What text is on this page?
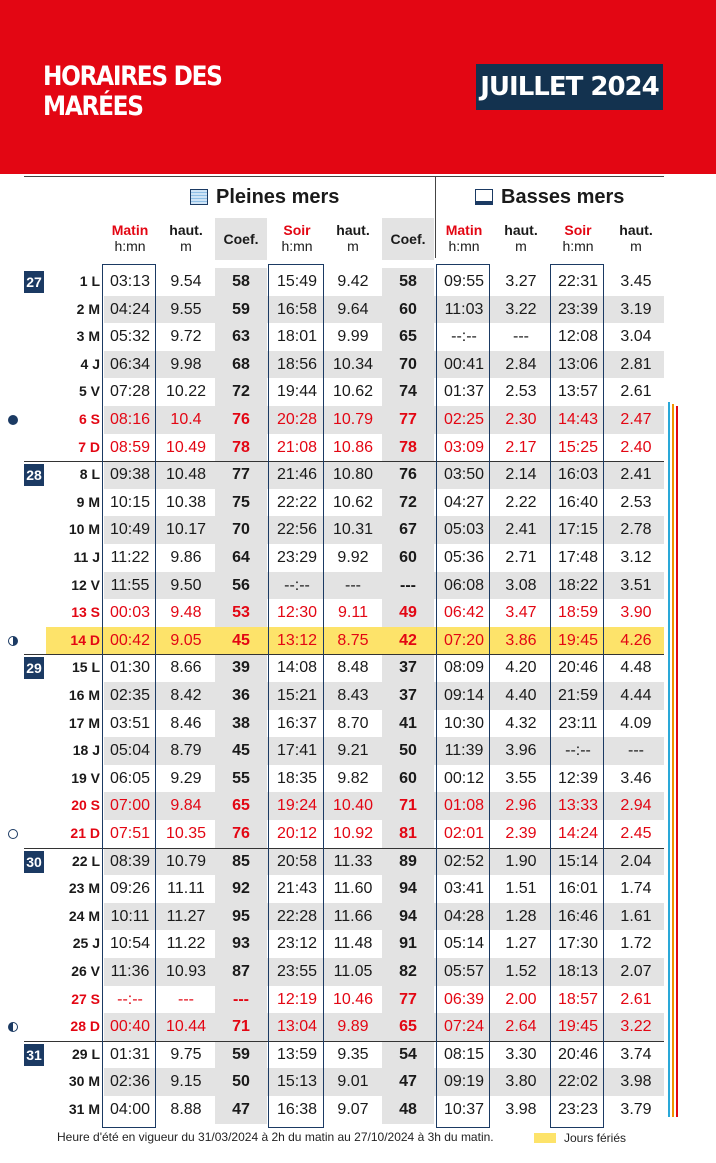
HORAIRES DES
MARÉES
JUILLET 2024
Pleines mers	Basses mers
Matin
h:mn
haut.
m	Coef.
Soir
h:mn
haut.
m	Coef.
Matin
h:mn
haut.
m
Soir
h:mn
haut.
m
1 L 03:13	9.54	58	15:49	9.42	58	09:55	3.27	22:31	3.45
2 M 04:24	9.55	59	16:58	9.64	60	11:03	3.22	23:39	3.19
3 M 05:32	9.72	63	18:01	9.99	65	--:--	---	12:08	3.04
4 J 06:34	9.98	68	18:56 10.34	70	00:41	2.84	13:06	2.81
5 V 07:28 10.22	72	19:44 10.62	74	01:37	2.53	13:57	2.61
6 S 08:16	10.4	76	20:28 10.79	77	02:25	2.30	14:43	2.47
7 D 08:59 10.49	78	21:08 10.86	78	03:09	2.17	15:25	2.40
8 L 09:38 10.48	77	21:46 10.80	76	03:50	2.14	16:03	2.41
9 M 10:15 10.38	75	22:22 10.62	72	04:27	2.22	16:40	2.53
10 M 10:49 10.17	70	22:56 10.31	67	05:03	2.41	17:15	2.78
11 J 11:22	9.86	64	23:29	9.92	60	05:36	2.71	17:48	3.12
12 V 11:55	9.50	56	--:--	---	---	06:08	3.08	18:22	3.51
13 S 00:03	9.48	53	12:30	9.11	49	06:42	3.47	18:59	3.90
14 D 00:42	9.05	45	13:12	8.75	42	07:20	3.86	19:45	4.26
15 L 01:30	8.66	39	14:08	8.48	37	08:09	4.20	20:46	4.48
16 M 02:35	8.42	36	15:21	8.43	37	09:14	4.40	21:59	4.44
17 M 03:51	8.46	38	16:37	8.70	41	10:30	4.32	23:11	4.09
18 J 05:04	8.79	45	17:41	9.21	50	11:39	3.96	--:--	---
19 V 06:05	9.29	55	18:35	9.82	60	00:12	3.55	12:39	3.46
20 S 07:00	9.84	65	19:24 10.40	71	01:08	2.96	13:33	2.94
21 D 07:51 10.35	76	20:12 10.92	81	02:01	2.39	14:24	2.45
22 L 08:39 10.79	85	20:58	11.33	89	02:52	1.90	15:14	2.04
23 M 09:26	11.11	92	21:43	11.60	94	03:41	1.51	16:01	1.74
24 M 10:11	11.27	95	22:28	11.66	94	04:28	1.28	16:46	1.61
25 J 10:54	11.22	93	23:12	11.48	91	05:14	1.27	17:30	1.72
26 V 11:36	10.93	87	23:55	11.05	82	05:57	1.52	18:13	2.07
27 S	--:--	---	---	12:19 10.46	77	06:39	2.00	18:57	2.61
28 D 00:40 10.44	71	13:04	9.89	65	07:24	2.64	19:45	3.22
29 L 01:31	9.75	59	13:59	9.35	54	08:15	3.30	20:46	3.74
30 M 02:36	9.15	50	15:13	9.01	47	09:19	3.80	22:02	3.98
31 M 04:00	8.88	47	16:38	9.07	48	10:37	3.98	23:23	3.79
27
28
29
30
31
Heure d'été en vigueur du 31/03/2024 à 2h du matin au 27/10/2024 à 3h du matin.	Jours fériés
